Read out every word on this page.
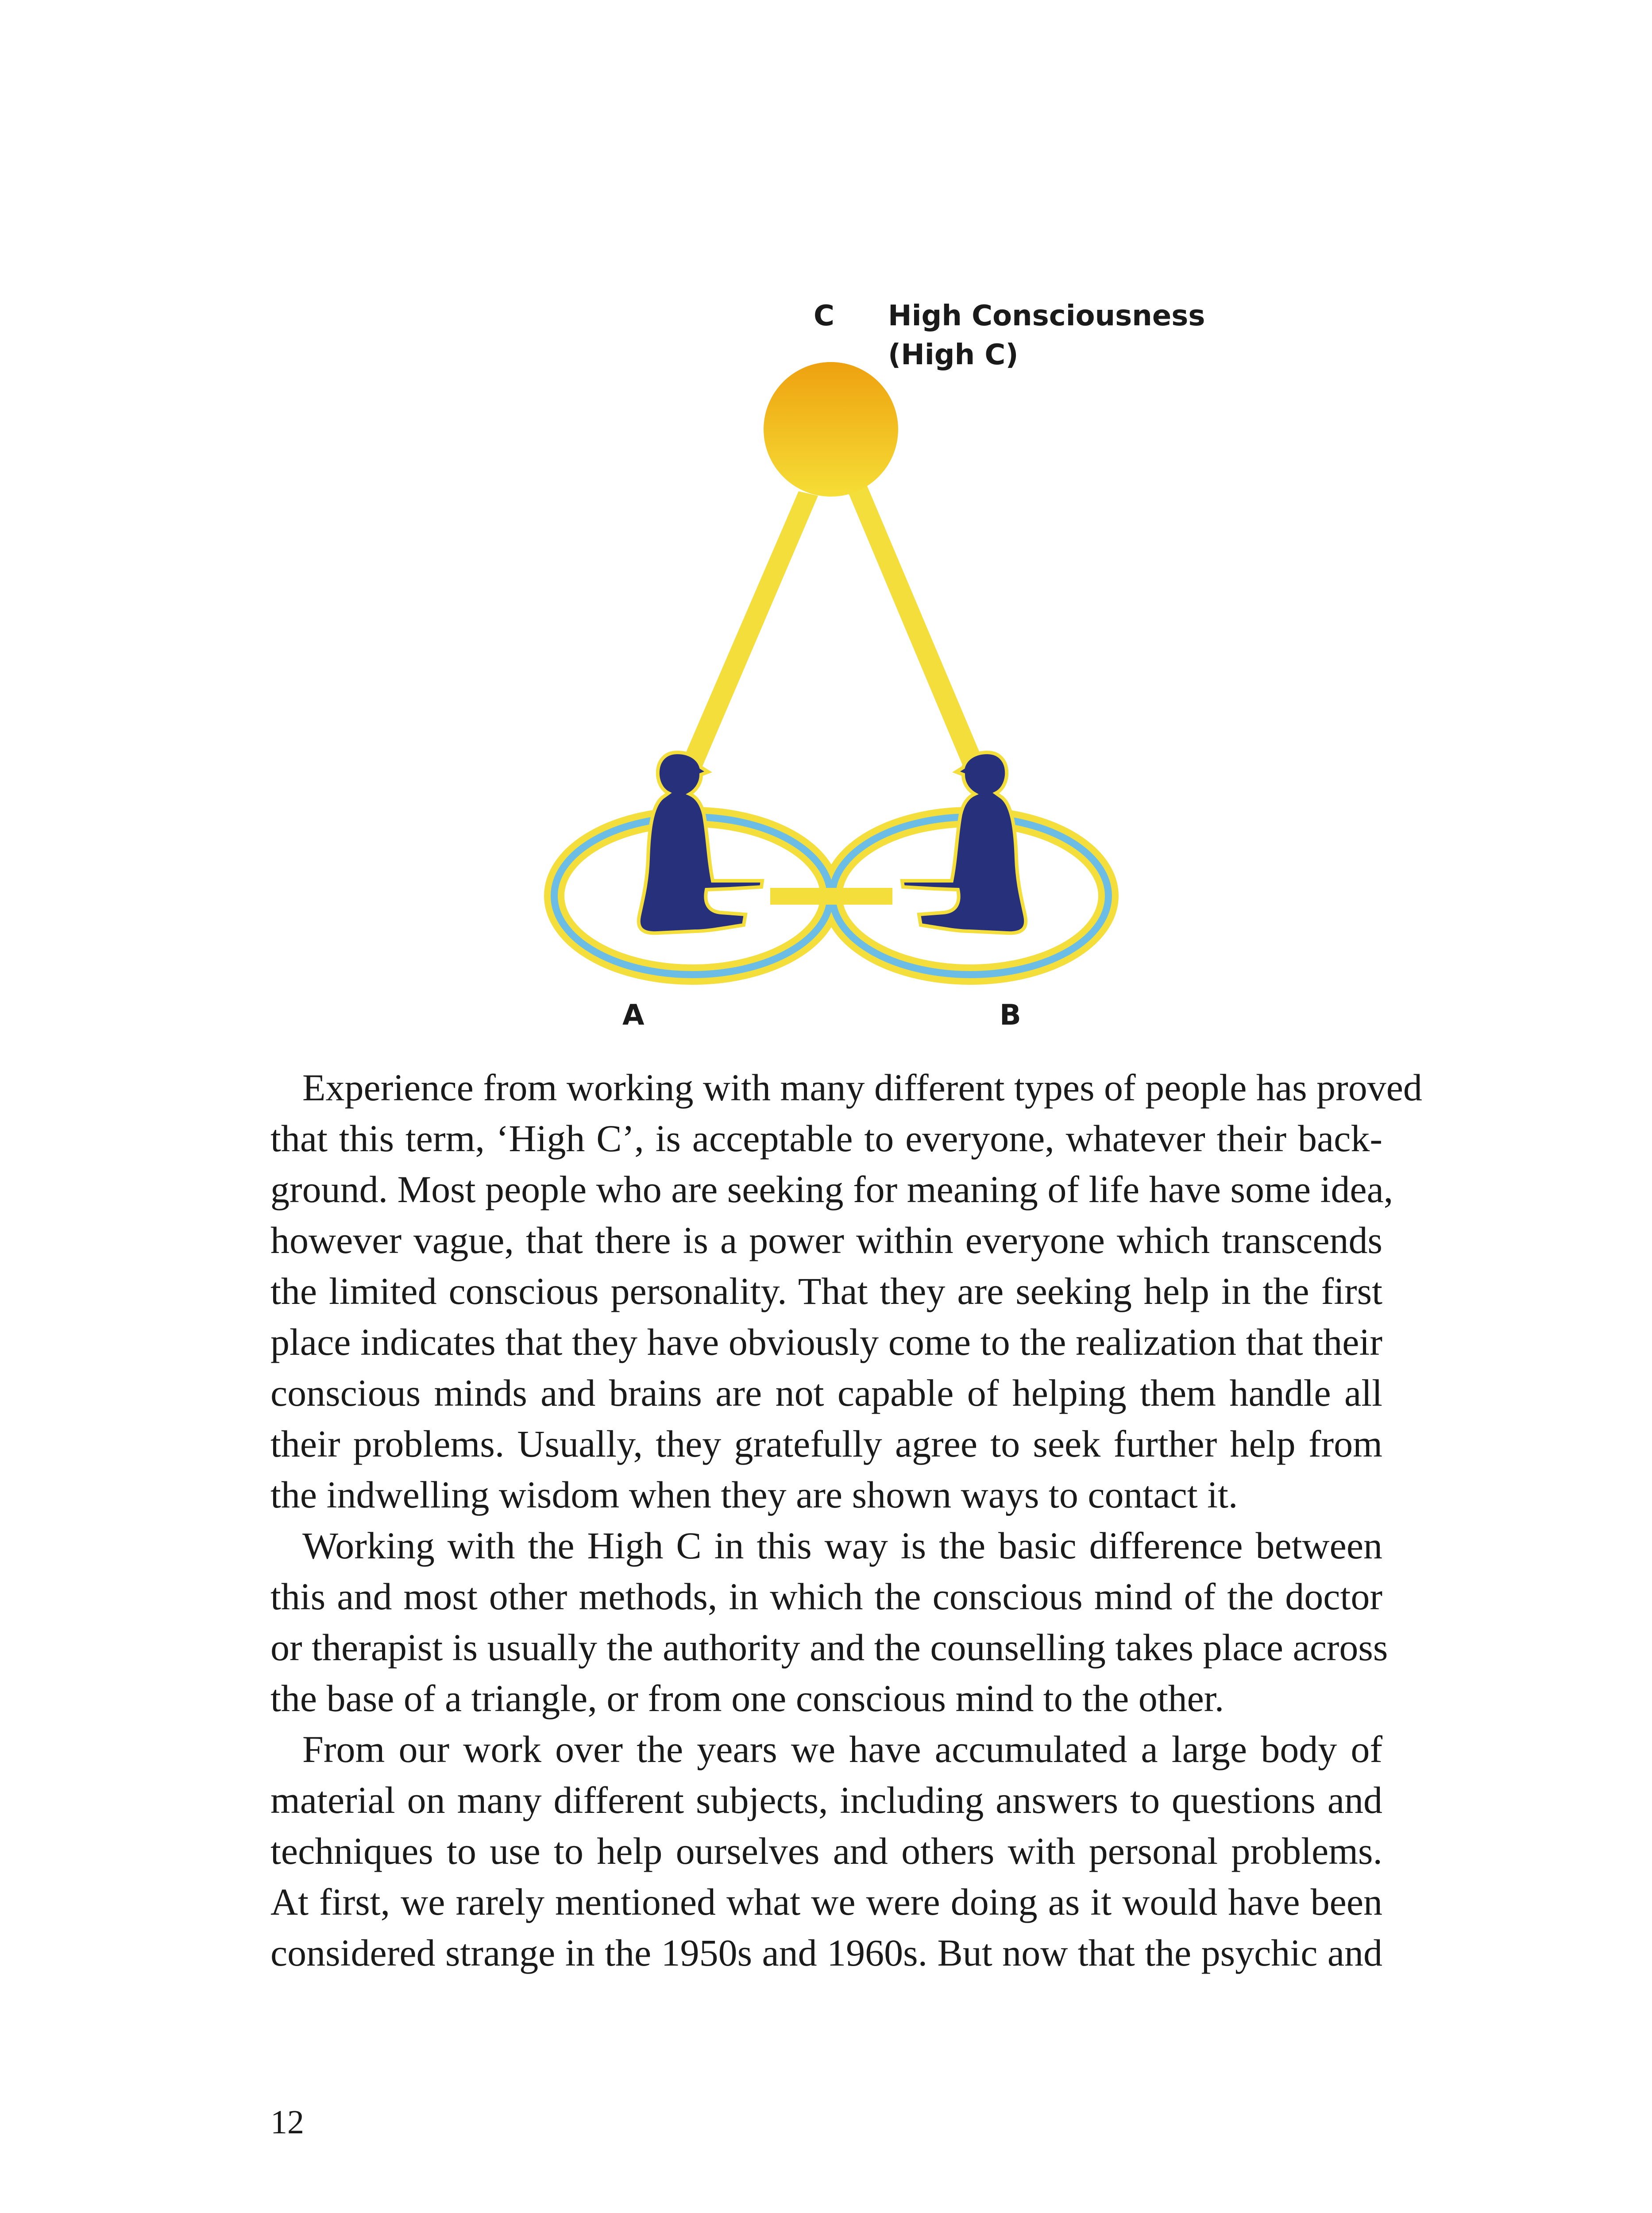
C High Consciousness
(High C)
A	B

Experience from working with many different types of people has proved
that this term, ‘High C’, is acceptable to everyone, whatever their back-
ground. Most people who are seeking for meaning of life have some idea,
however vague, that there is a power within everyone which transcends
the limited conscious personality. That they are seeking help in the first
place indicates that they have obviously come to the realization that their
conscious minds and brains are not capable of helping them handle all
their problems. Usually, they gratefully agree to seek further help from
the indwelling wisdom when they are shown ways to contact it.

Working with the High C in this way is the basic difference between
this and most other methods, in which the conscious mind of the doctor
or therapist is usually the authority and the counselling takes place across
the base of a triangle, or from one conscious mind to the other.

From our work over the years we have accumulated a large body of
material on many different subjects, including answers to questions and
techniques to use to help ourselves and others with personal problems.
At first, we rarely mentioned what we were doing as it would have been
considered strange in the 1950s and 1960s. But now that the psychic and

12
